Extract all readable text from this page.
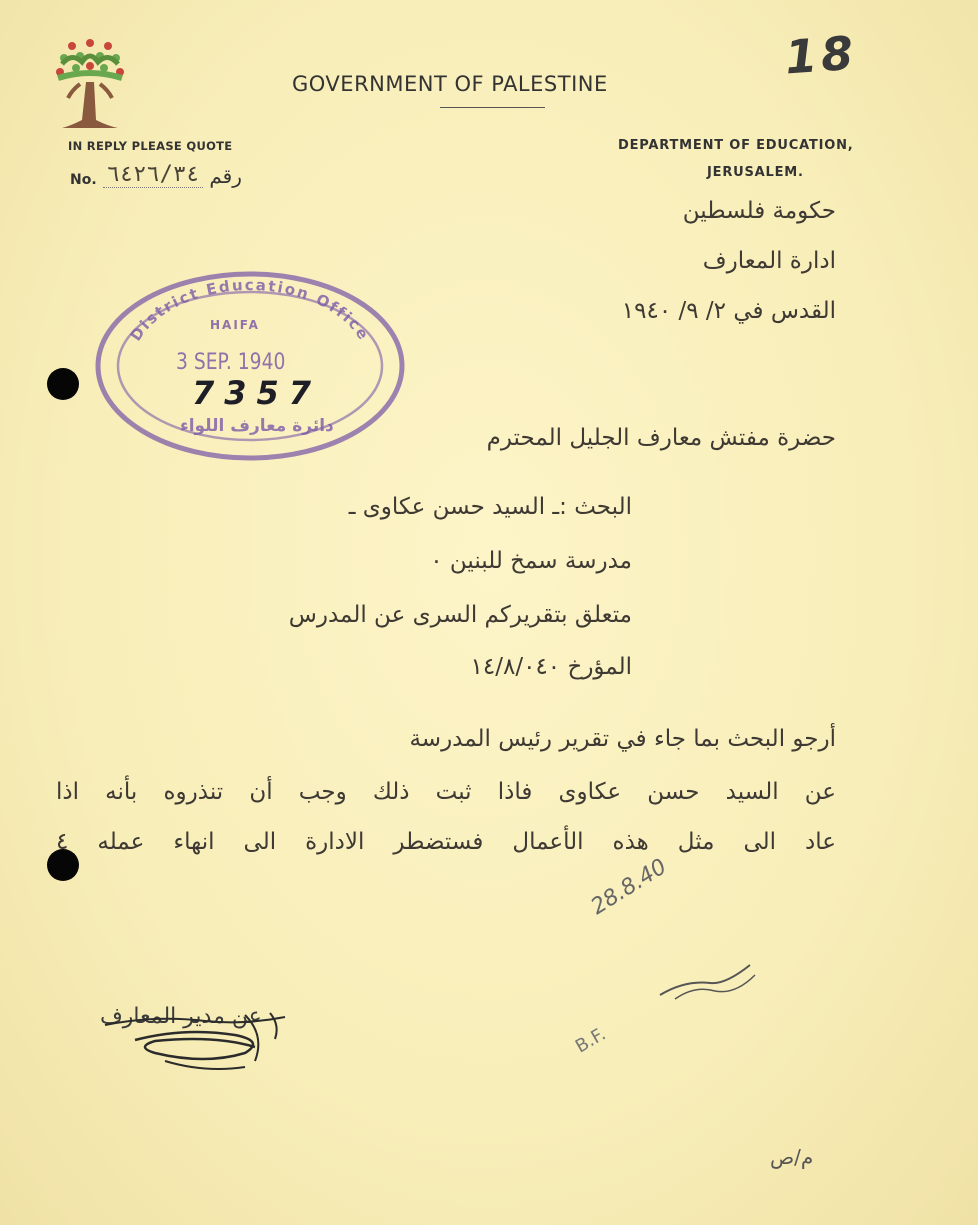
18
GOVERNMENT OF PALESTINE
IN REPLY PLEASE QUOTE
No. ٦٤٢٦/٣٤ رقم
DEPARTMENT OF EDUCATION,
JERUSALEM.
حكومة فلسطين
ادارة المعارف
القدس في ٢/ ٩/ ١٩٤٠
District Education Office
HAIFA
3 SEP. 1940
7357
دائرة معارف اللواء	حضرة مفتش معارف الجليل المحترم
البحث :ـ السيد حسن عكاوى ـ
مدرسة سمخ للبنين ٠
متعلق بتقريركم السرى عن المدرس
المؤرخ ١٤/٨/٠٤٠
أرجو البحث بما جاء في تقرير رئيس المدرسة
عن السيد حسن عكاوى فاذا ثبت ذلك وجب أن تنذروه بأنه اذا
عاد الى مثل هذه الأعمال فستضطر الادارة الى انهاء عمله ٤
عن مدير المعارف
28.8.40
B.F.
م/ص
